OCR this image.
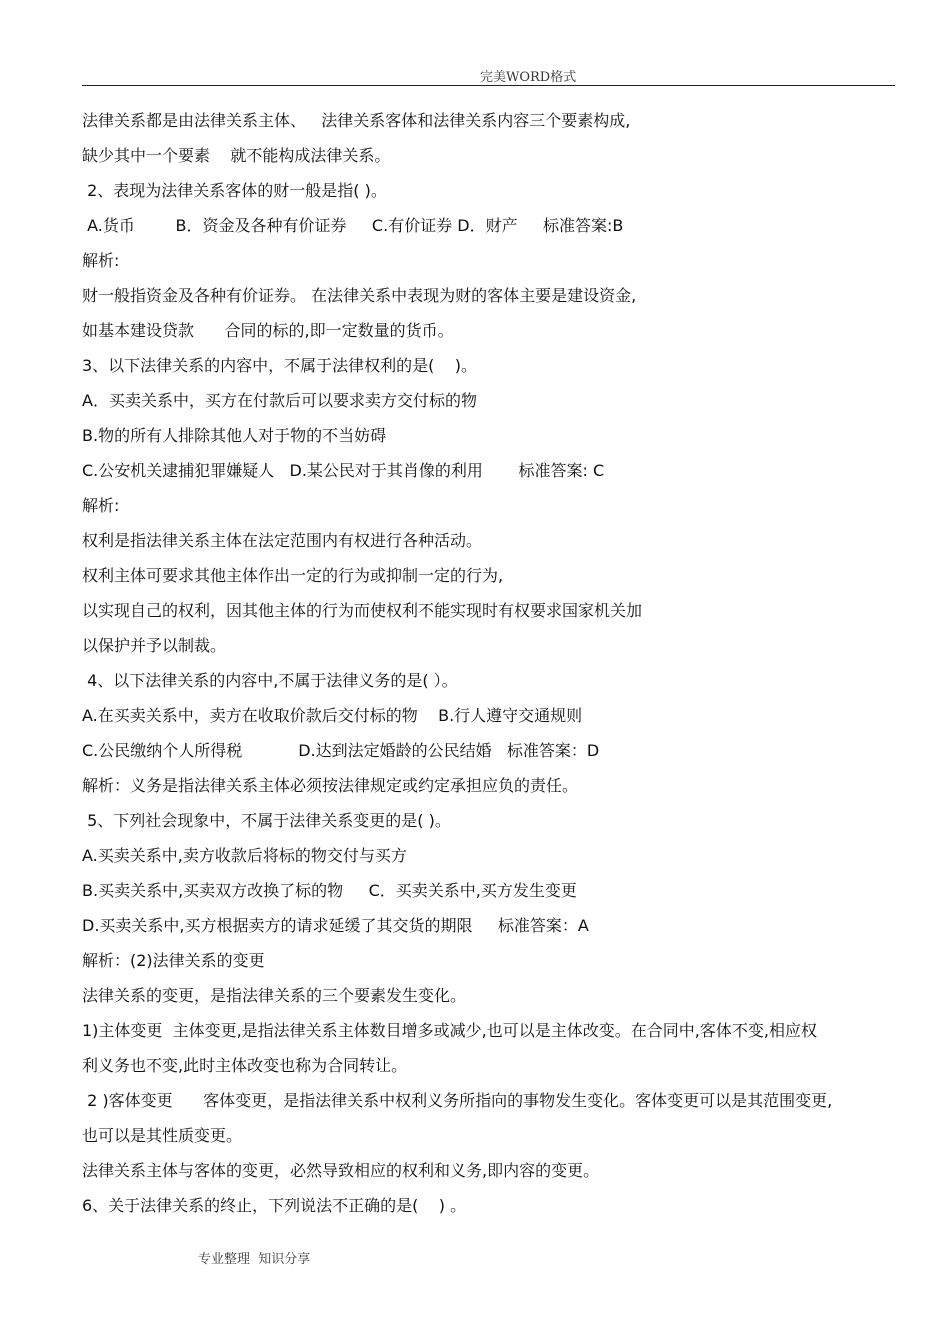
完美WORD格式
法律关系都是由法律关系主体、   法律关系客体和法律关系内容三个要素构成,
缺少其中一个要素    就不能构成法律关系。
2、表现为法律关系客体的财一般是指( )。
A.货币        B．资金及各种有价证券     C.有价证券 D．财产     标准答案:B
解析:
财一般指资金及各种有价证券。 在法律关系中表现为财的客体主要是建设资金,
如基本建设贷款      合同的标的,即一定数量的货币。
3、以下法律关系的内容中，不属于法律权利的是(    )。
A．买卖关系中，买方在付款后可以要求卖方交付标的物
B.物的所有人排除其他人对于物的不当妨碍
C.公安机关逮捕犯罪嫌疑人   D.某公民对于其肖像的利用       标准答案: C
解析:
权利是指法律关系主体在法定范围内有权进行各种活动。
权利主体可要求其他主体作出一定的行为或抑制一定的行为,
以实现自己的权利，因其他主体的行为而使权利不能实现时有权要求国家机关加
以保护并予以制裁。
4、以下法律关系的内容中,不属于法律义务的是( ）。
A.在买卖关系中，卖方在收取价款后交付标的物    B.行人遵守交通规则
C.公民缴纳个人所得税           D.达到法定婚龄的公民结婚   标准答案：D
解析：义务是指法律关系主体必须按法律规定或约定承担应负的责任。
5、下列社会现象中，不属于法律关系变更的是( )。
A.买卖关系中,卖方收款后将标的物交付与买方
B.买卖关系中,买卖双方改换了标的物     C．买卖关系中,买方发生变更
D.买卖关系中,买方根据卖方的请求延缓了其交货的期限     标准答案：A
解析：(2)法律关系的变更
法律关系的变更，是指法律关系的三个要素发生变化。
1)主体变更  主体变更,是指法律关系主体数目增多或减少,也可以是主体改变。在合同中,客体不变,相应权
利义务也不变,此时主体改变也称为合同转让。
2 )客体变更      客体变更，是指法律关系中权利义务所指向的事物发生变化。客体变更可以是其范围变更,
也可以是其性质变更。
法律关系主体与客体的变更，必然导致相应的权利和义务,即内容的变更。
6、关于法律关系的终止，下列说法不正确的是(    ) 。
专业整理  知识分享
